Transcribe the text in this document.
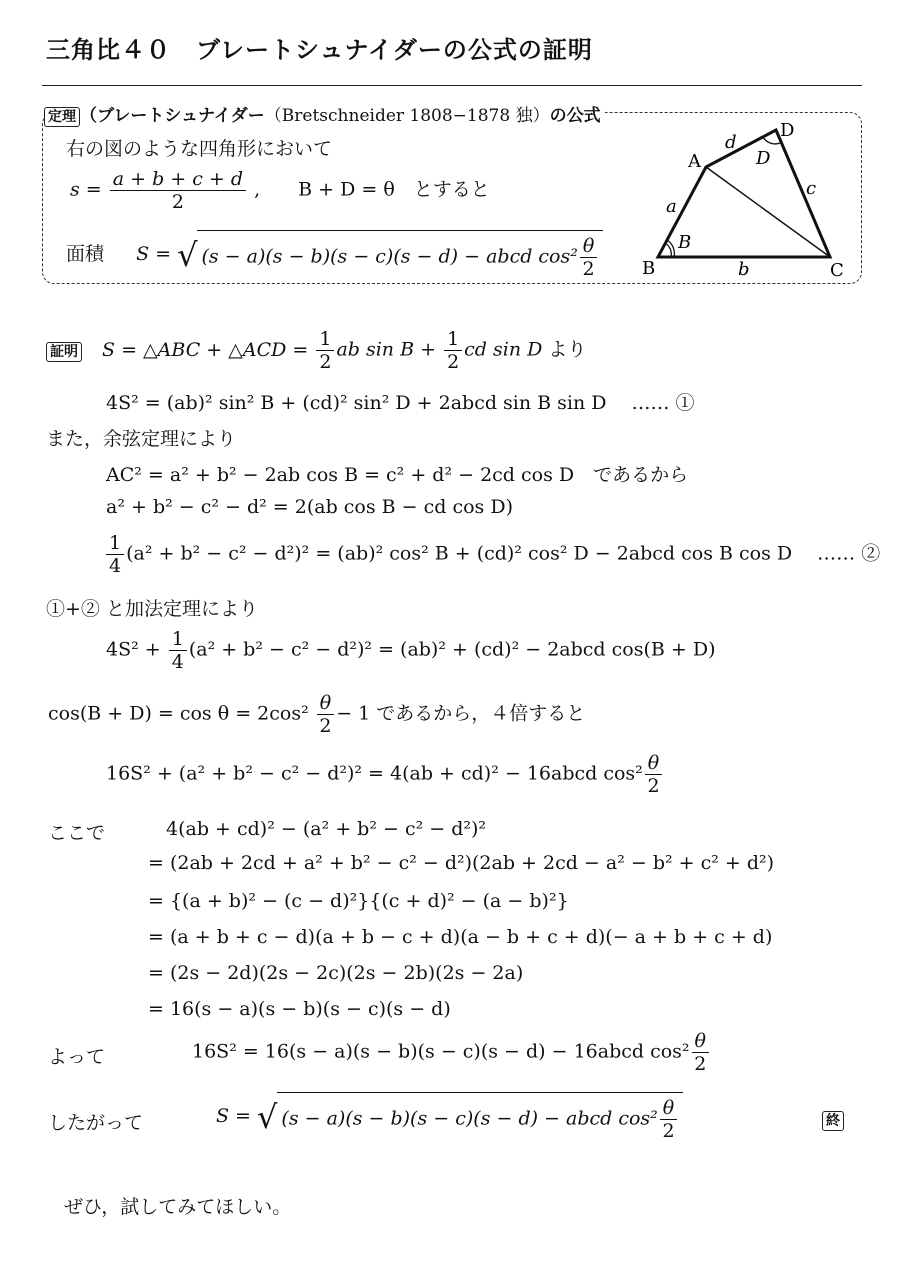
三角比４０　ブレートシュナイダーの公式の証明
定理 （ブレートシュナイダー（Bretschneider 1808−1878 独）の公式
右の図のような四角形において
$s = \frac{a + b + c + d}{2}$ ,　　B + D = θ　とすると
面積 S = √ (s − a)(s − b)(s − c)(s − d) − abcd $\cos^2 \frac{\theta}{2}$
A
B	C
D
a
b
c
d
B
D
証明 S = △ABC + △ACD = $\frac{1}{2}$ ab $\sin B + \frac{1}{2}$ cd sin D より
4S² = (ab)² sin² B + (cd)² sin² D + 2abcd sin B sin D　 …… ①
また，余弦定理により
AC² = a² + b² − 2ab cos B = c² + d² − 2cd cos D　であるから
a² + b² − c² − d² = 2(ab cos B − cd cos D)
$\frac{1}{4} (a^2 + b^2 - c^2 - d^2)^2 = (ab)^2$ cos² B + (cd)² cos² D − 2abcd cos B cos D　 …… ②
①+② と加法定理により
$4S^2 + \frac{1}{4} (a^2 + b^2 - c^2 - d^2)^2 = (ab)^2 + (cd)^2$ − 2abcd cos(B + D)
$\cos(B + D) = \cos \theta = 2\cos^2 \frac{\theta}{2} - 1$ であるから，４倍すると
16S² + (a² + b² − c² − d²)² = 4(ab + cd)² − 16abcd $\cos^2 \frac{\theta}{2}$
ここで	4(ab + cd)² − (a² + b² − c² − d²)²
= (2ab + 2cd + a² + b² − c² − d²)(2ab + 2cd − a² − b² + c² + d²)
= {(a + b)² − (c − d)²}{(c + d)² − (a − b)²}
= (a + b + c − d)(a + b − c + d)(a − b + c + d)(− a + b + c + d)
= (2s − 2d)(2s − 2c)(2s − 2b)(2s − 2a)
= 16(s − a)(s − b)(s − c)(s − d)
よって	16S² = 16(s − a)(s − b)(s − c)(s − d) − 16abcd $\cos^2 \frac{\theta}{2}$
したがって	S = √ (s − a)(s − b)(s − c)(s − d) − abcd $\cos^2 \frac{\theta}{2}$	終
ぜひ，試してみてほしい。
